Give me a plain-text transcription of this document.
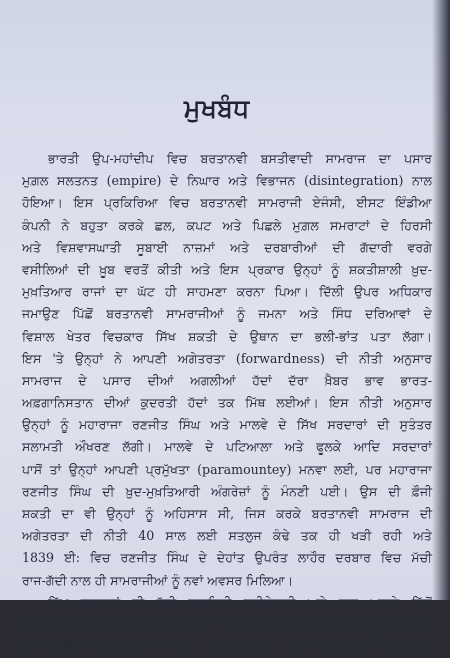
ਮੁਖਬੰਧ
ਭਾਰਤੀ ਉਪ-ਮਹਾਂਦੀਪ ਵਿਚ ਬਰਤਾਨਵੀ ਬਸਤੀਵਾਦੀ ਸਾਮਰਾਜ ਦਾ ਪਸਾਰ
ਮੁਗ਼ਲ ਸਲਤਨਤ (empire) ਦੇ ਨਿਘਾਰ ਅਤੇ ਵਿਭਾਜਨ (disintegration) ਨਾਲ
ਹੋਇਆ। ਇਸ ਪ੍ਰਕਿਰਿਆ ਵਿਚ ਬਰਤਾਨਵੀ ਸਾਮਰਾਜੀ ਏਜੰਸੀ, ਈਸਟ ਇੰਡੀਆ
ਕੰਪਨੀ ਨੇ ਬਹੁਤਾ ਕਰਕੇ ਛਲ, ਕਪਟ ਅਤੇ ਪਿਛਲੇ ਮੁਗ਼ਲ ਸਮਰਾਟਾਂ ਦੇ ਹਿਰਸੀ
ਅਤੇ ਵਿਸ਼ਵਾਸਘਾਤੀ ਸੂਬਾਈ ਨਾਜ਼ਮਾਂ ਅਤੇ ਦਰਬਾਰੀਆਂ ਦੀ ਗੱਦਾਰੀ ਵਰਗੇ
ਵਸੀਲਿਆਂ ਦੀ ਖ਼ੂਬ ਵਰਤੋਂ ਕੀਤੀ ਅਤੇ ਇਸ ਪ੍ਰਕਾਰ ਉਨ੍ਹਾਂ ਨੂੰ ਸ਼ਕਤੀਸ਼ਾਲੀ ਖ਼ੁਦ-
ਮੁਖ਼ਤਿਆਰ ਰਾਜਾਂ ਦਾ ਘੱਟ ਹੀ ਸਾਹਮਣਾ ਕਰਨਾ ਪਿਆ। ਦਿੱਲੀ ਉਪਰ ਅਧਿਕਾਰ
ਜਮਾਉਣ ਪਿੱਛੋਂ ਬਰਤਾਨਵੀ ਸਾਮਰਾਜੀਆਂ ਨੂੰ ਜਮਨਾ ਅਤੇ ਸਿੰਧ ਦਰਿਆਵਾਂ ਦੇ
ਵਿਸ਼ਾਲ ਖੇਤਰ ਵਿਚਕਾਰ ਸਿੱਖ ਸ਼ਕਤੀ ਦੇ ਉਥਾਨ ਦਾ ਭਲੀ-ਭਾਂਤ ਪਤਾ ਲੱਗਾ।
ਇਸ 'ਤੇ ਉਨ੍ਹਾਂ ਨੇ ਆਪਣੀ ਅਗੇਤਰਤਾ (forwardness) ਦੀ ਨੀਤੀ ਅਨੁਸਾਰ
ਸਾਮਰਾਜ ਦੇ ਪਸਾਰ ਦੀਆਂ ਅਗਲੀਆਂ ਹੱਦਾਂ ਦੱਰਾ ਖ਼ੈਬਰ ਭਾਵ ਭਾਰਤ-
ਅਫ਼ਗਾਨਿਸਤਾਨ ਦੀਆਂ ਕੁਦਰਤੀ ਹੱਦਾਂ ਤਕ ਮਿੱਥ ਲਈਆਂ। ਇਸ ਨੀਤੀ ਅਨੁਸਾਰ
ਉਨ੍ਹਾਂ ਨੂੰ ਮਹਾਰਾਜਾ ਰਣਜੀਤ ਸਿੰਘ ਅਤੇ ਮਾਲਵੇ ਦੇ ਸਿੱਖ ਸਰਦਾਰਾਂ ਦੀ ਸੁਤੰਤਰ
ਸਲਾਮਤੀ ਔਖਰਣ ਲੱਗੀ। ਮਾਲਵੇ ਦੇ ਪਟਿਆਲਾ ਅਤੇ ਫੂਲਕੇ ਆਦਿ ਸਰਦਾਰਾਂ
ਪਾਸੋਂ ਤਾਂ ਉਨ੍ਹਾਂ ਆਪਣੀ ਪ੍ਰਮੁੱਖਤਾ (paramountey) ਮਨਵਾ ਲਈ, ਪਰ ਮਹਾਰਾਜਾ
ਰਣਜੀਤ ਸਿੰਘ ਦੀ ਖ਼ੁਦ-ਮੁਖ਼ਤਿਆਰੀ ਅੰਗਰੇਜ਼ਾਂ ਨੂੰ ਮੰਨਣੀ ਪਈ। ਉਸ ਦੀ ਫ਼ੌਜੀ
ਸ਼ਕਤੀ ਦਾ ਵੀ ਉਨ੍ਹਾਂ ਨੂੰ ਅਹਿਸਾਸ ਸੀ, ਜਿਸ ਕਰਕੇ ਬਰਤਾਨਵੀ ਸਾਮਰਾਜ ਦੀ
ਅਗੇਤਰਤਾ ਦੀ ਨੀਤੀ 40 ਸਾਲ ਲਈ ਸਤਲੁਜ ਕੰਢੇ ਤਕ ਹੀ ਖੜੀ ਰਹੀ ਅਤੇ
1839 ਈ: ਵਿਚ ਰਣਜੀਤ ਸਿੰਘ ਦੇ ਦੇਹਾਂਤ ਉਪਰੰਤ ਲਾਹੌਰ ਦਰਬਾਰ ਵਿਚ ਮੱਚੀ
ਰਾਜ-ਗੱਦੀ ਨਾਲ ਹੀ ਸਾਮਰਾਜੀਆਂ ਨੂੰ ਨਵਾਂ ਅਵਸਰ ਮਿਲਿਆ।
ਸਿੱਖ ਸਰਦਾਰਾਂ ਦੀ ਭੱਦੀ ਕਬਾਇਲੀ ਸ਼ਰੀਕੇਬਾਜ਼ੀ ਅਤੇ ਰਾਜ ਘਰਾਣੇ ਵਿੱਚੋਂ
ਕਿਸੇ ਯੋਗ ਜਾਨਸ਼ੀਨ ਦੇ ਸਾਹਮਣੇ ਨਾ ਆਉਣ ਕਰਕੇ ਖ਼ਾਲਸਾ ਰਾਜ ਨੂੰ ਬਚਾਉਣ
ਦਾ ਕੋਈ ਸਾਧਨ ਨਾ ਰਿਹਾ ਅਤੇ ਉਸ ਦੀ ਰਾਜ-ਗੱਦੀ ਦਾ ਖ਼ੇਲਾ
